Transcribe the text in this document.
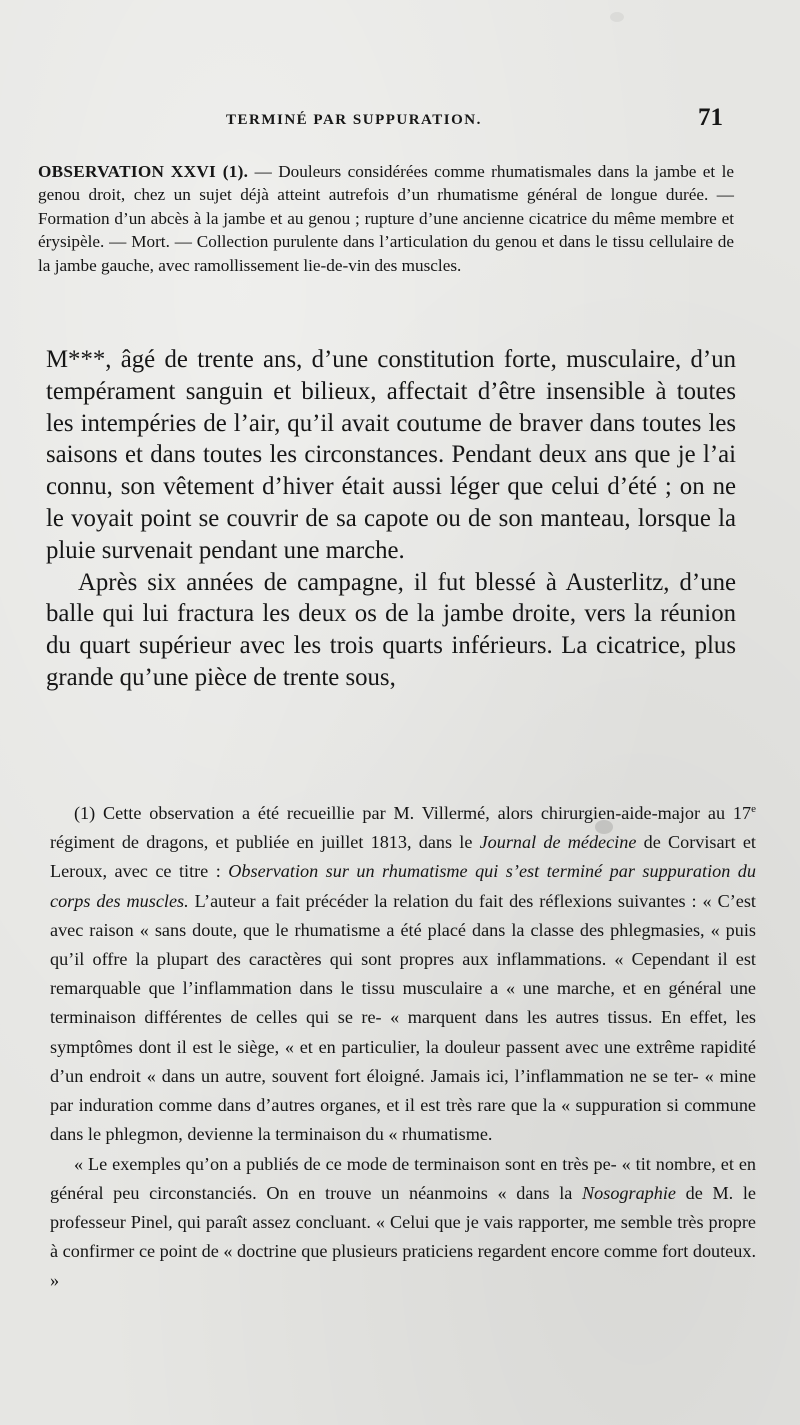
TERMINÉ PAR SUPPURATION.	71
OBSERVATION XXVI (1). — Douleurs considérées comme rhumatismales dans la jambe et le genou droit, chez un sujet déjà atteint autrefois d’un rhumatisme général de longue durée. — Formation d’un abcès à la jambe et au genou ; rupture d’une ancienne cicatrice du même membre et érysipèle. — Mort. — Collection purulente dans l’articulation du genou et dans le tissu cellulaire de la jambe gauche, avec ramollissement lie-de-vin des muscles.

M***, âgé de trente ans, d’une constitution forte, musculaire, d’un tempérament sanguin et bilieux, affectait d’être insensible à toutes les intempéries de l’air, qu’il avait coutume de braver dans toutes les saisons et dans toutes les circonstances. Pendant deux ans que je l’ai connu, son vêtement d’hiver était aussi léger que celui d’été ; on ne le voyait point se couvrir de sa capote ou de son manteau, lorsque la pluie survenait pendant une marche.

Après six années de campagne, il fut blessé à Austerlitz, d’une balle qui lui fractura les deux os de la jambe droite, vers la réunion du quart supérieur avec les trois quarts inférieurs. La cicatrice, plus grande qu’une pièce de trente sous,

(1) Cette observation a été recueillie par M. Villermé, alors chirurgien-aide-major au 17e régiment de dragons, et publiée en juillet 1813, dans le Journal de médecine de Corvisart et Leroux, avec ce titre : Observation sur un rhumatisme qui s’est terminé par suppuration du corps des muscles. L’auteur a fait précéder la relation du fait des réflexions suivantes : « C’est avec raison « sans doute, que le rhumatisme a été placé dans la classe des phlegmasies, « puis qu’il offre la plupart des caractères qui sont propres aux inflammations. « Cependant il est remarquable que l’inflammation dans le tissu musculaire a « une marche, et en général une terminaison différentes de celles qui se re- « marquent dans les autres tissus. En effet, les symptômes dont il est le siège, « et en particulier, la douleur passent avec une extrême rapidité d’un endroit « dans un autre, souvent fort éloigné. Jamais ici, l’inflammation ne se ter- « mine par induration comme dans d’autres organes, et il est très rare que la « suppuration si commune dans le phlegmon, devienne la terminaison du « rhumatisme.

« Le exemples qu’on a publiés de ce mode de terminaison sont en très pe- « tit nombre, et en général peu circonstanciés. On en trouve un néanmoins « dans la Nosographie de M. le professeur Pinel, qui paraît assez concluant. « Celui que je vais rapporter, me semble très propre à confirmer ce point de « doctrine que plusieurs praticiens regardent encore comme fort douteux. »
